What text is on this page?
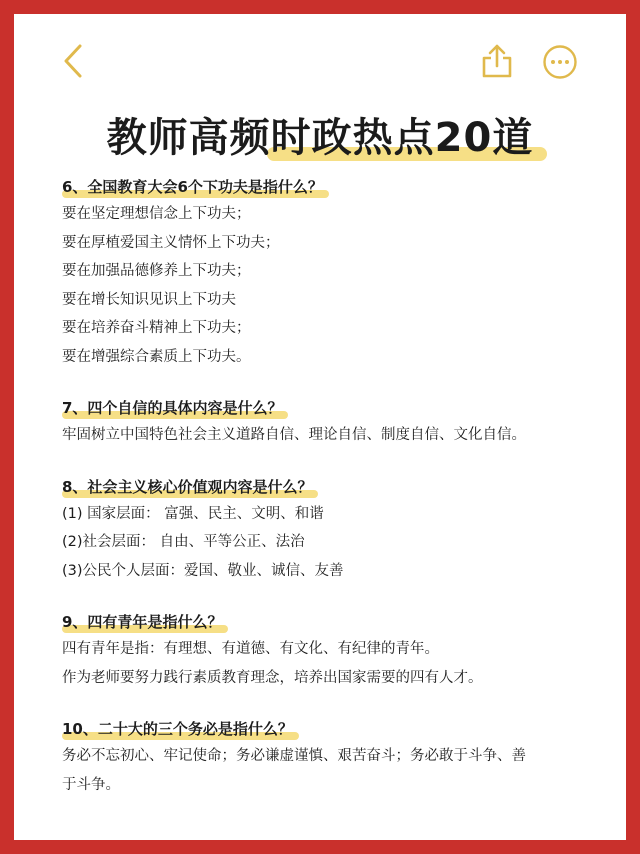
教师高频时政热点20道
6、全国教育大会6个下功夫是指什么？
要在坚定理想信念上下功夫；
要在厚植爱国主义情怀上下功夫；
要在加强品德修养上下功夫；
要在增长知识见识上下功夫
要在培养奋斗精神上下功夫；
要在增强综合素质上下功夫。
7、四个自信的具体内容是什么？
牢固树立中国特色社会主义道路自信、理论自信、制度自信、文化自信。
8、社会主义核心价值观内容是什么？
(1) 国家层面： 富强、民主、文明、和谐
(2)社会层面： 自由、平等公正、法治
(3)公民个人层面：爱国、敬业、诚信、友善
9、四有青年是指什么？
四有青年是指：有理想、有道德、有文化、有纪律的青年。
作为老师要努力践行素质教育理念，培养出国家需要的四有人才。
10、二十大的三个务必是指什么？
务必不忘初心、牢记使命；务必谦虚谨慎、艰苦奋斗；务必敢于斗争、善
于斗争。
